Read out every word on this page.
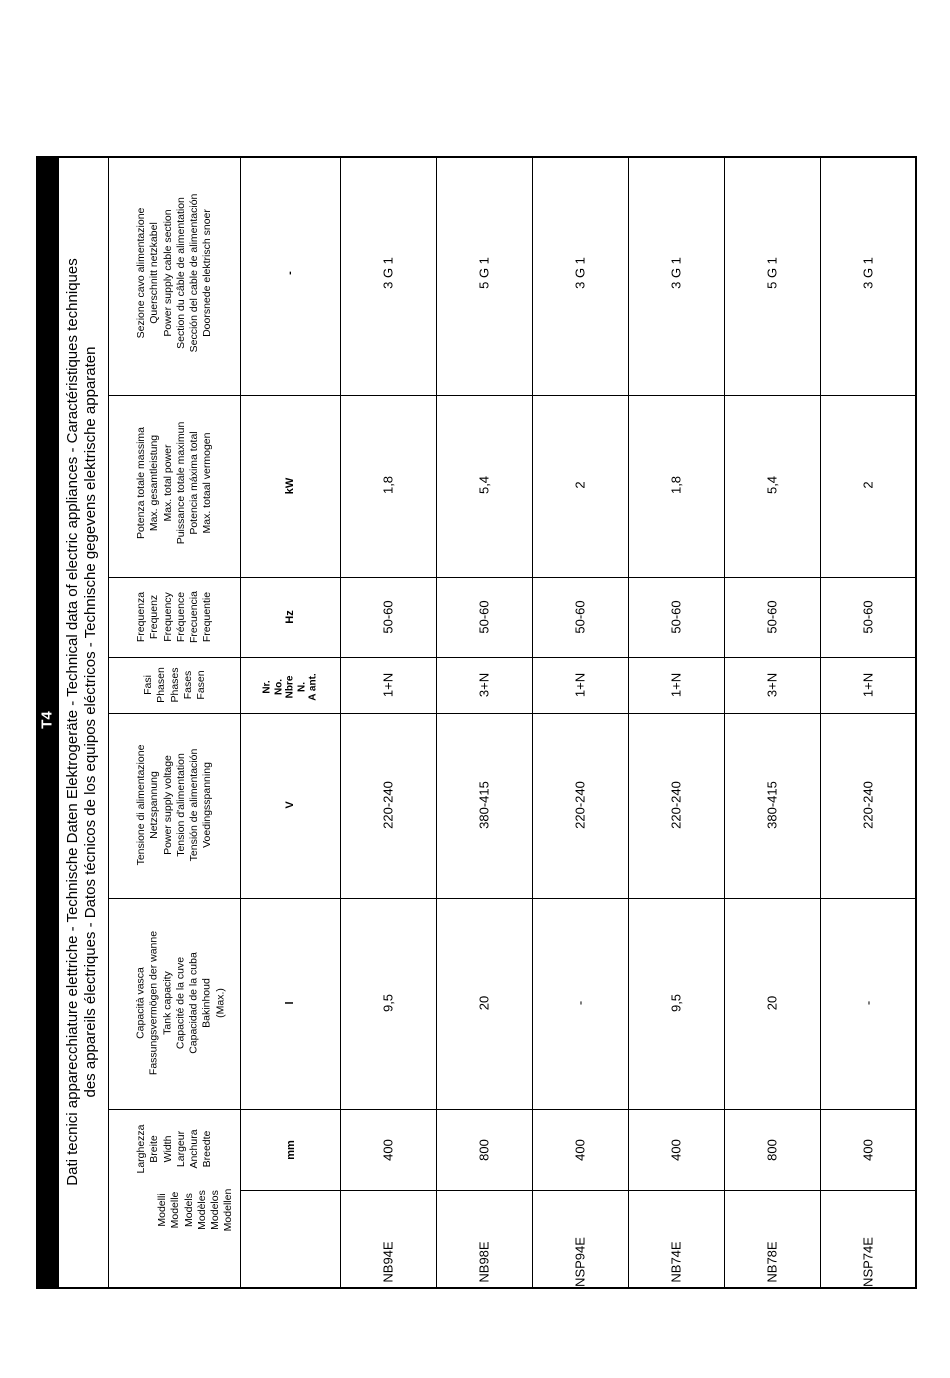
T4 Dati tecnici apparecchiature elettriche - Technische Daten Elektrogeräte - Technical data of electric appliances - Caractéristiques techniques des appareils électriques - Datos técnicos de los equipos eléctricos - Technische gegevens elektrische apparaten
Modelli Modelle Models Modèles Modelos Modellen
Larghezza Breite Width Largeur Anchura Breedte
Capacità vasca Fassungsvermögen der wanne Tank capacity Capacité de la cuve Capacidad de la cuba Bakinhoud (Max.)
Tensione di alimentazione Netzspannung Power supply voltage Tension d'alimentation Tensión de alimentación Voedingsspanning
Fasi Phasen Phases Fases Fasen
Frequenza Frequenz Frequency Fréquence Frecuencia Frequentie
Potenza totale massima Max. gesamtleistung Max. total power Puissance totale maximun Potencia máxima total Max. totaal vermogen
Sezione cavo alimentazione Querschnitt netzkabel Power supply cable section Section du câble de alimentation Sección del cable de alimentación Doorsnede elektrisch snoer
mm
l
V
Nr. No. Nbre N. A ant.
Hz
kW
-
NB94E
400
9,5
220-240
1+N
50-60
1,8
3 G 1
NB98E
800
20
380-415
3+N
50-60
5,4
5 G 1
NSP94E
400
-
220-240
1+N
50-60
2
3 G 1
NB74E
400
9,5
220-240
1+N
50-60
1,8
3 G 1
NB78E
800
20
380-415
3+N
50-60
5,4
5 G 1
NSP74E
400
-
220-240
1+N
50-60
2
3 G 1
